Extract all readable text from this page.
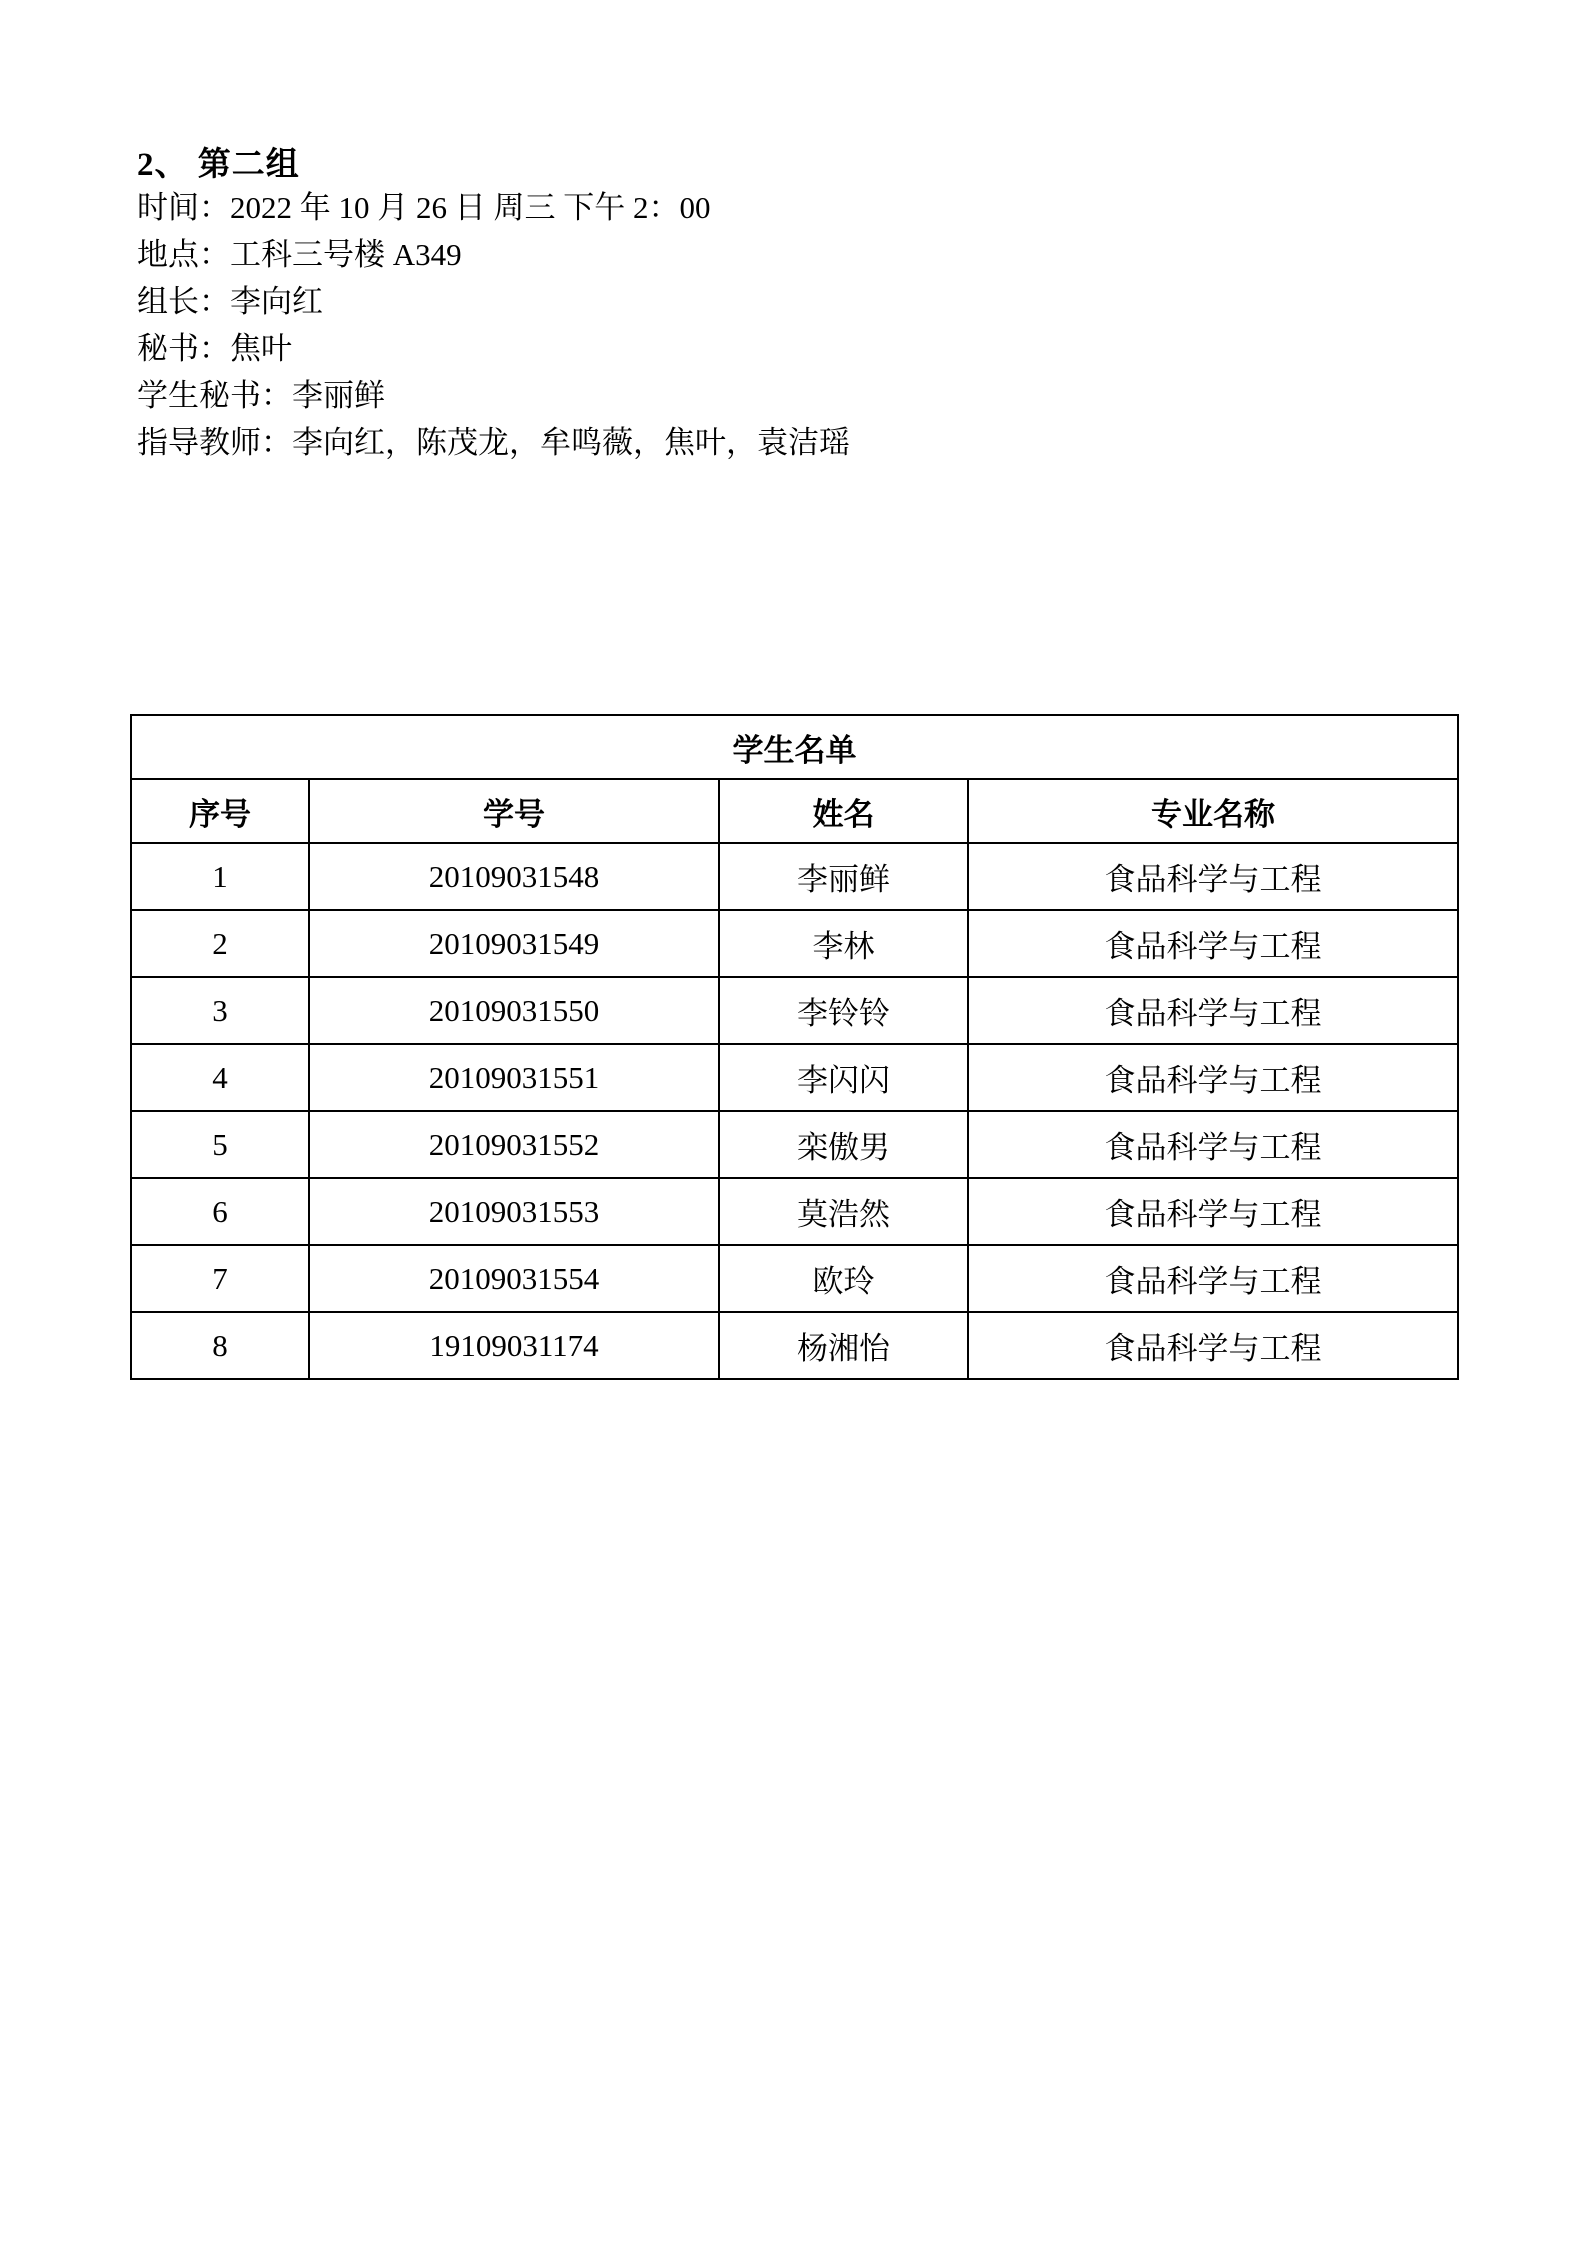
2、 第二组

时间：2022 年 10 月 26 日 周三 下午 2：00

地点：工科三号楼 A349

组长：李向红

秘书：焦叶

学生秘书：李丽鲜

指导教师：李向红，陈茂龙，牟鸣薇，焦叶，袁洁瑶

学生名单			
序号	学号	姓名	专业名称
1	20109031548	李丽鲜	食品科学与工程
2	20109031549	李林	食品科学与工程
3	20109031550	李铃铃	食品科学与工程
4	20109031551	李闪闪	食品科学与工程
5	20109031552	栾傲男	食品科学与工程
6	20109031553	莫浩然	食品科学与工程
7	20109031554	欧玲	食品科学与工程
8	19109031174	杨湘怡	食品科学与工程
